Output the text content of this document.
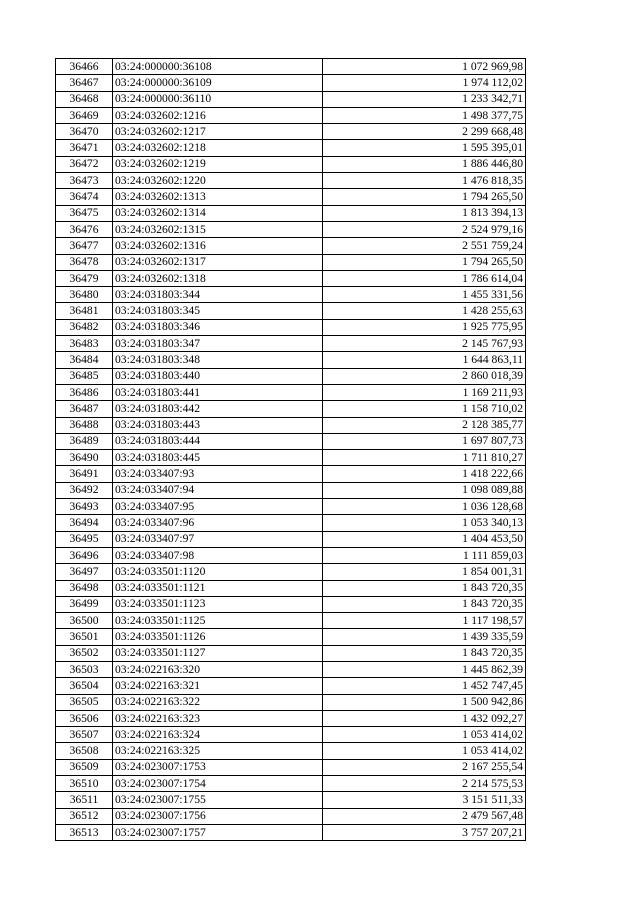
36466	03:24:000000:36108	1 072 969,98
36467	03:24:000000:36109	1 974 112,02
36468	03:24:000000:36110	1 233 342,71
36469	03:24:032602:1216	1 498 377,75
36470	03:24:032602:1217	2 299 668,48
36471	03:24:032602:1218	1 595 395,01
36472	03:24:032602:1219	1 886 446,80
36473	03:24:032602:1220	1 476 818,35
36474	03:24:032602:1313	1 794 265,50
36475	03:24:032602:1314	1 813 394,13
36476	03:24:032602:1315	2 524 979,16
36477	03:24:032602:1316	2 551 759,24
36478	03:24:032602:1317	1 794 265,50
36479	03:24:032602:1318	1 786 614,04
36480	03:24:031803:344	1 455 331,56
36481	03:24:031803:345	1 428 255,63
36482	03:24:031803:346	1 925 775,95
36483	03:24:031803:347	2 145 767,93
36484	03:24:031803:348	1 644 863,11
36485	03:24:031803:440	2 860 018,39
36486	03:24:031803:441	1 169 211,93
36487	03:24:031803:442	1 158 710,02
36488	03:24:031803:443	2 128 385,77
36489	03:24:031803:444	1 697 807,73
36490	03:24:031803:445	1 711 810,27
36491	03:24:033407:93	1 418 222,66
36492	03:24:033407:94	1 098 089,88
36493	03:24:033407:95	1 036 128,68
36494	03:24:033407:96	1 053 340,13
36495	03:24:033407:97	1 404 453,50
36496	03:24:033407:98	1 111 859,03
36497	03:24:033501:1120	1 854 001,31
36498	03:24:033501:1121	1 843 720,35
36499	03:24:033501:1123	1 843 720,35
36500	03:24:033501:1125	1 117 198,57
36501	03:24:033501:1126	1 439 335,59
36502	03:24:033501:1127	1 843 720,35
36503	03:24:022163:320	1 445 862,39
36504	03:24:022163:321	1 452 747,45
36505	03:24:022163:322	1 500 942,86
36506	03:24:022163:323	1 432 092,27
36507	03:24:022163:324	1 053 414,02
36508	03:24:022163:325	1 053 414,02
36509	03:24:023007:1753	2 167 255,54
36510	03:24:023007:1754	2 214 575,53
36511	03:24:023007:1755	3 151 511,33
36512	03:24:023007:1756	2 479 567,48
36513	03:24:023007:1757	3 757 207,21
